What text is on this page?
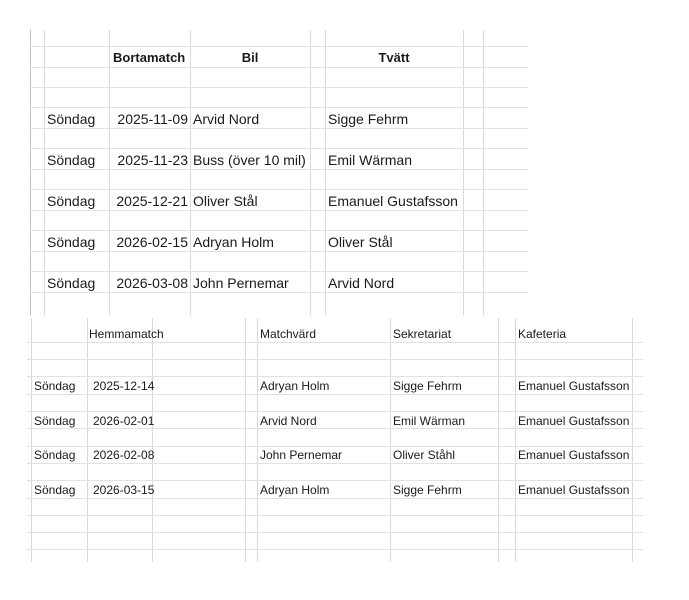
Bortamatch	Bil	Tvätt
Söndag	2025-11-09 Arvid Nord	Sigge Fehrm
Söndag	2025-11-23 Buss (över 10 mil) Emil Wärman
Söndag	2025-12-21 Oliver Stål	Emanuel Gustafsson
Söndag	2026-02-15 Adryan Holm	Oliver Stål
Söndag	2026-03-08 John Pernemar	Arvid Nord
Hemmamatch	Matchvärd	Sekretariat	Kafeteria
Söndag 2025-12-14	Adryan Holm	Sigge Fehrm	Emanuel Gustafsson
Söndag 2026-02-01	Arvid Nord	Emil Wärman	Emanuel Gustafsson
Söndag 2026-02-08	John Pernemar	Oliver Ståhl	Emanuel Gustafsson
Söndag 2026-03-15	Adryan Holm	Sigge Fehrm	Emanuel Gustafsson
